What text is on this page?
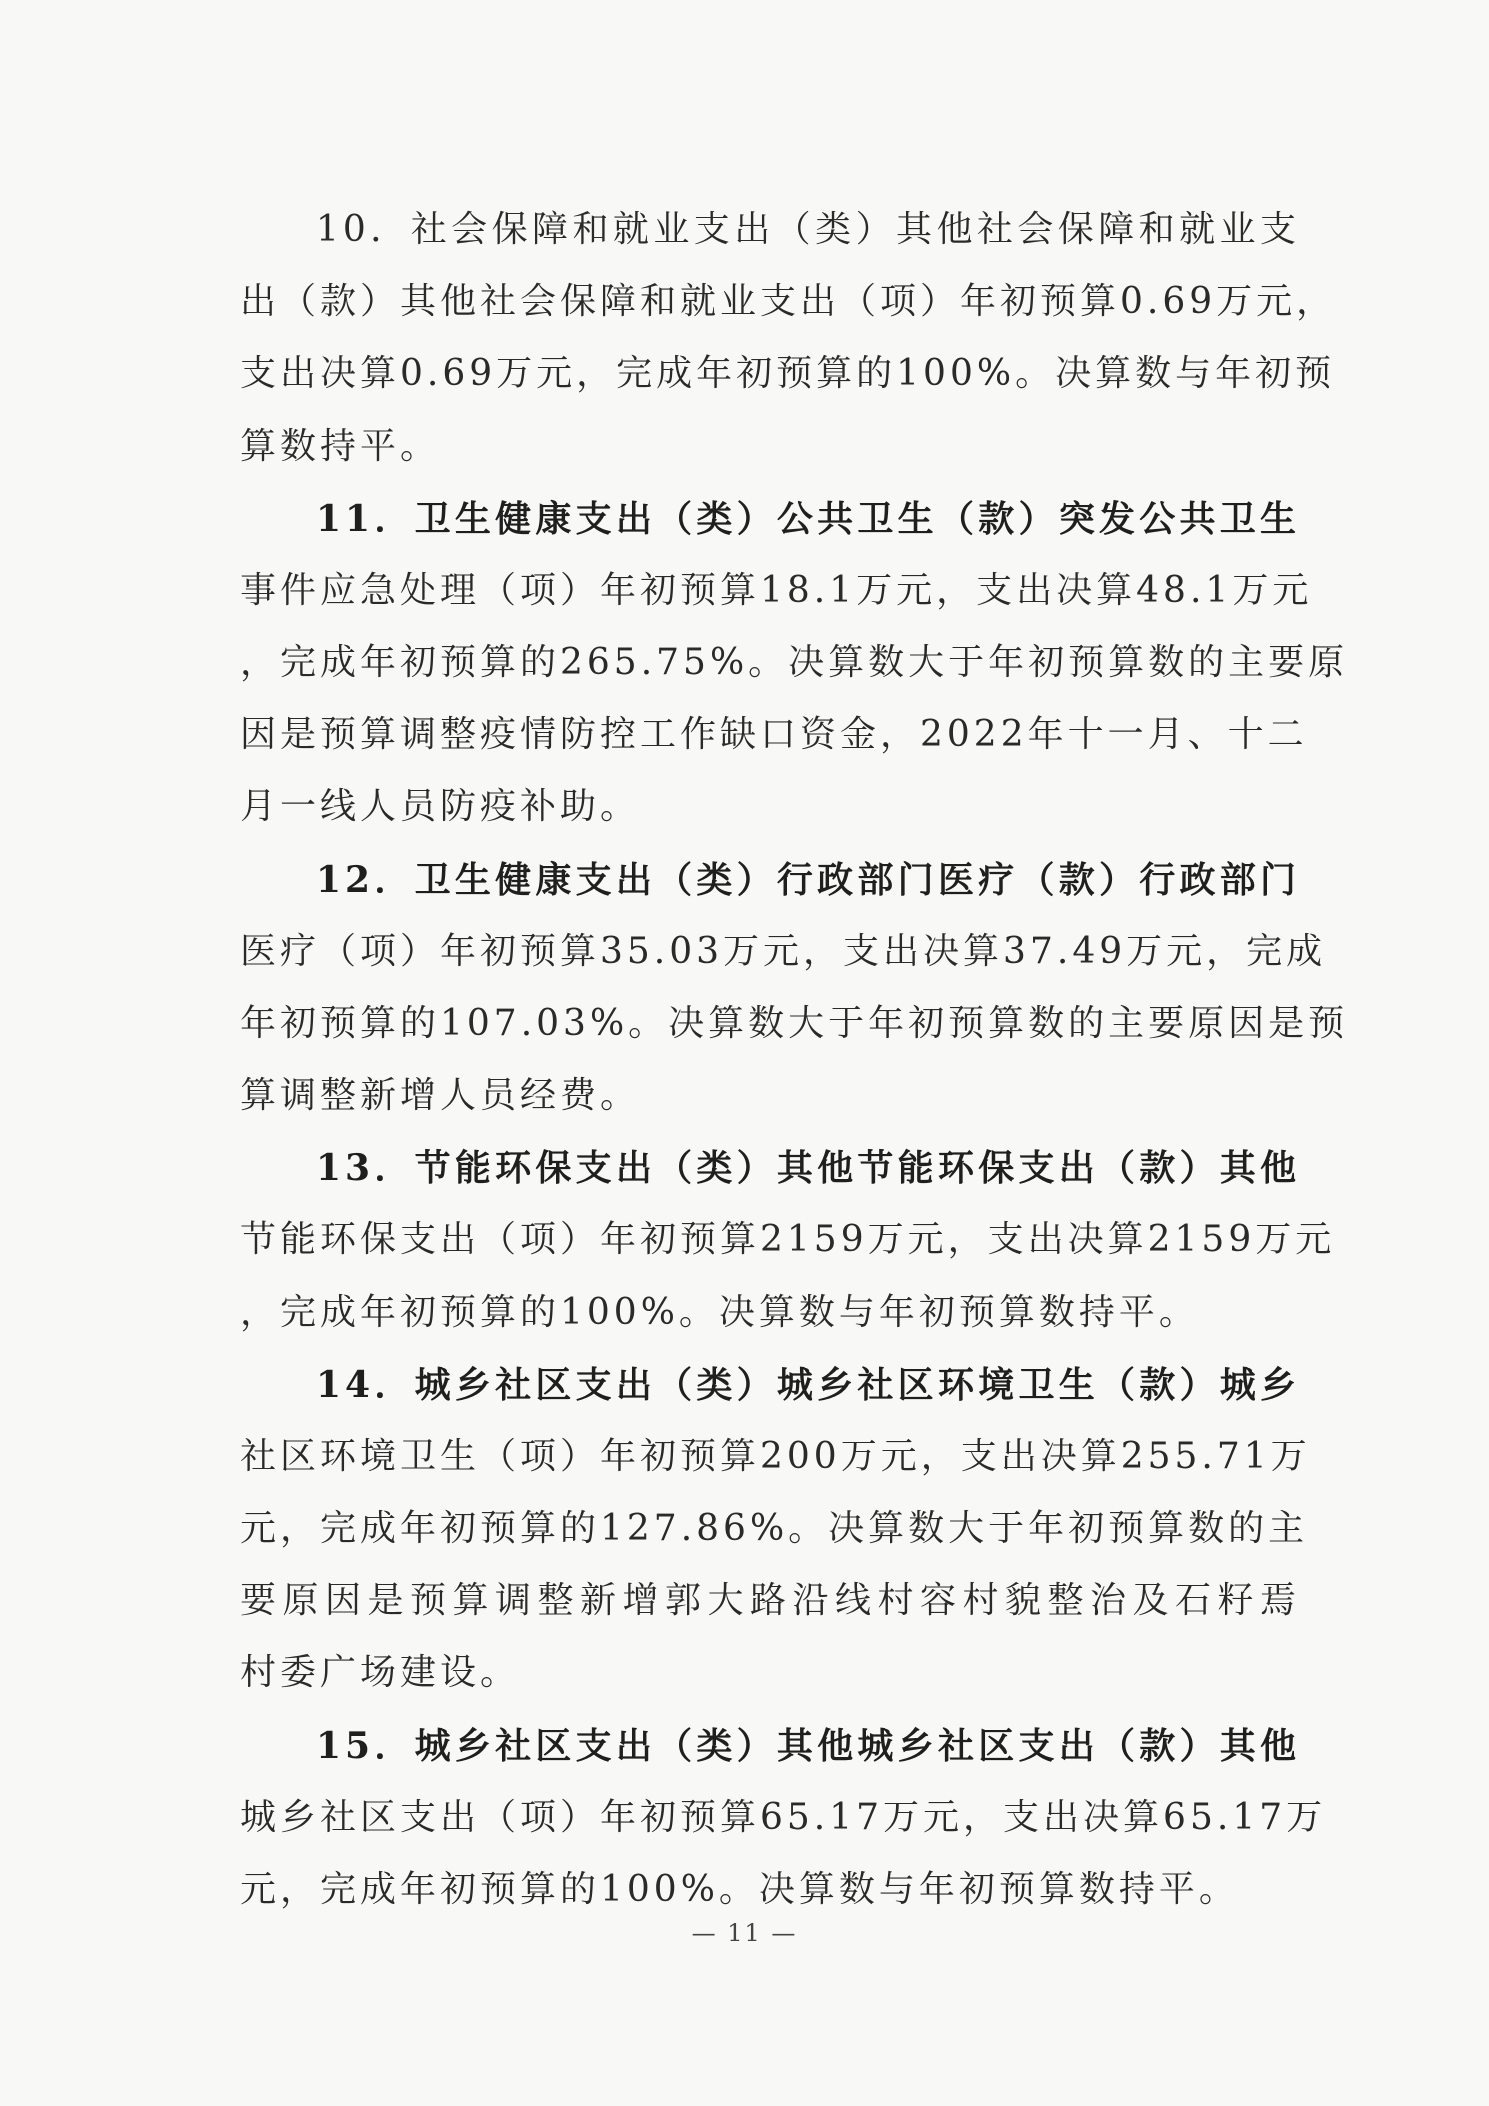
10．社会保障和就业支出（类）其他社会保障和就业支
出（款）其他社会保障和就业支出（项）年初预算0.69万元，
支出决算0.69万元，完成年初预算的100%。决算数与年初预
算数持平。
11．卫生健康支出（类）公共卫生（款）突发公共卫生
事件应急处理（项）年初预算18.1万元，支出决算48.1万元
，完成年初预算的265.75%。决算数大于年初预算数的主要原
因是预算调整疫情防控工作缺口资金，2022年十一月、十二
月一线人员防疫补助。
12．卫生健康支出（类）行政部门医疗（款）行政部门
医疗（项）年初预算35.03万元，支出决算37.49万元，完成
年初预算的107.03%。决算数大于年初预算数的主要原因是预
算调整新增人员经费。
13．节能环保支出（类）其他节能环保支出（款）其他
节能环保支出（项）年初预算2159万元，支出决算2159万元
，完成年初预算的100%。决算数与年初预算数持平。
14．城乡社区支出（类）城乡社区环境卫生（款）城乡
社区环境卫生（项）年初预算200万元，支出决算255.71万
元，完成年初预算的127.86%。决算数大于年初预算数的主
要原因是预算调整新增郭大路沿线村容村貌整治及石籽焉
村委广场建设。
15．城乡社区支出（类）其他城乡社区支出（款）其他
城乡社区支出（项）年初预算65.17万元，支出决算65.17万
元，完成年初预算的100%。决算数与年初预算数持平。
— 11 —
